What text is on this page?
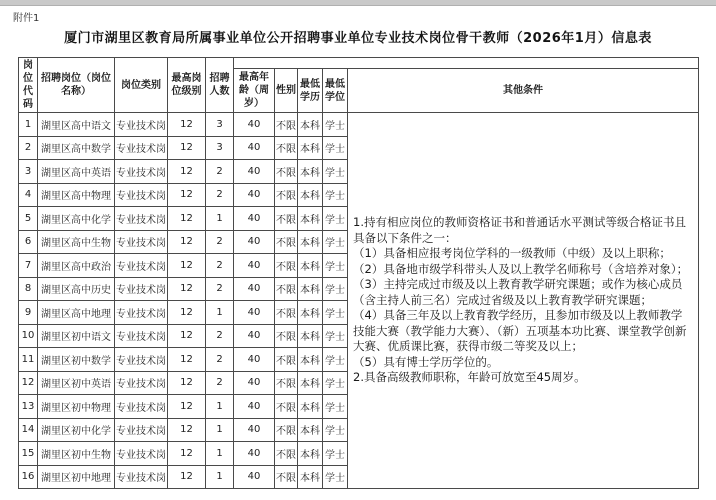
附件1
厦门市湖里区教育局所属事业单位公开招聘事业单位专业技术岗位骨干教师（2026年1月）信息表
岗位代码	招聘岗位（岗位名称）	岗位类别	最高岗位级别	招聘人数					
					最高年龄（周岁）	性别	最低学历	最低学位	其他条件
1	湖里区高中语文	专业技术岗	12	3	40	不限	本科	学士	
1.持有相应岗位的教师资格证书和普通话水平测试等级合格证书且具备以下条件之一：
（1）具备相应报考岗位学科的一级教师（中级）及以上职称；
（2）具备地市级学科带头人及以上教学名师称号（含培养对象）；
（3）主持完成过市级及以上教育教学研究课题；或作为核心成员（含主持人前三名）完成过省级及以上教育教学研究课题；
（4）具备三年及以上教育教学经历，且参加市级及以上教师教学技能大赛（教学能力大赛）、（新）五项基本功比赛、课堂教学创新大赛、优质课比赛，获得市级二等奖及以上；
（5）具有博士学历学位的。
2.具备高级教师职称，年龄可放宽至45周岁。

2	湖里区高中数学	专业技术岗	12	3	40	不限	本科	学士	
3	湖里区高中英语	专业技术岗	12	2	40	不限	本科	学士	
4	湖里区高中物理	专业技术岗	12	2	40	不限	本科	学士	
5	湖里区高中化学	专业技术岗	12	1	40	不限	本科	学士	
6	湖里区高中生物	专业技术岗	12	2	40	不限	本科	学士	
7	湖里区高中政治	专业技术岗	12	2	40	不限	本科	学士	
8	湖里区高中历史	专业技术岗	12	2	40	不限	本科	学士	
9	湖里区高中地理	专业技术岗	12	1	40	不限	本科	学士	
10	湖里区初中语文	专业技术岗	12	2	40	不限	本科	学士	
11	湖里区初中数学	专业技术岗	12	2	40	不限	本科	学士	
12	湖里区初中英语	专业技术岗	12	2	40	不限	本科	学士	
13	湖里区初中物理	专业技术岗	12	1	40	不限	本科	学士	
14	湖里区初中化学	专业技术岗	12	1	40	不限	本科	学士	
15	湖里区初中生物	专业技术岗	12	1	40	不限	本科	学士	
16	湖里区初中地理	专业技术岗	12	1	40	不限	本科	学士	
